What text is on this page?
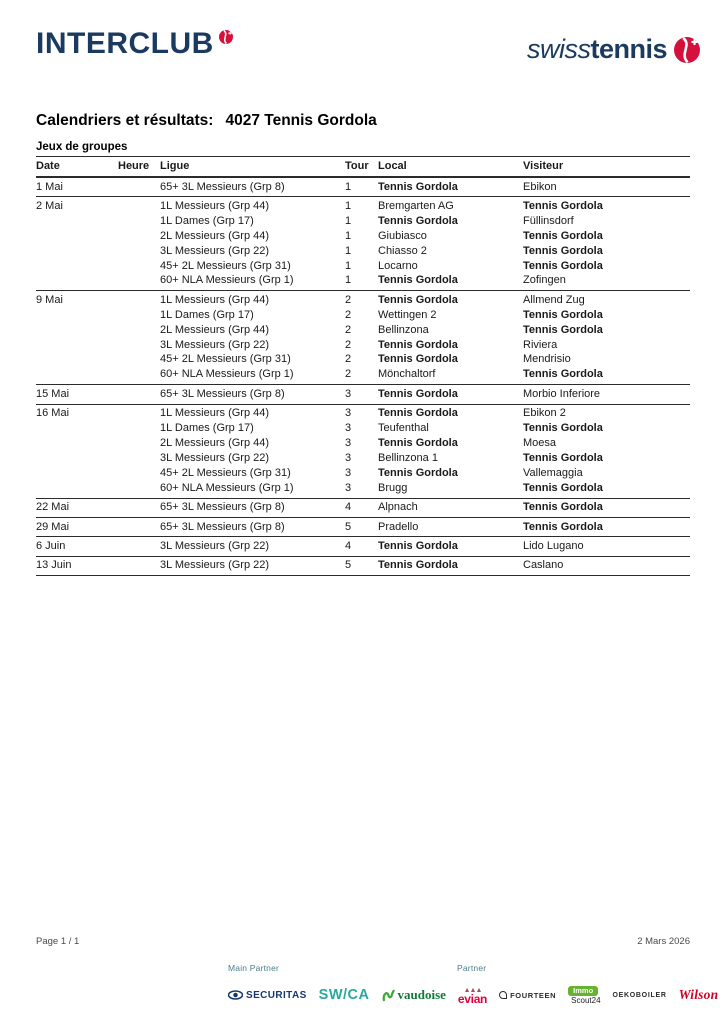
INTERCLUB	swiss tennis
Calendriers et résultats: 4027 Tennis Gordola
Jeux de groupes
Date	Heure Ligue	Tour Local	Visiteur
1 Mai	65+ 3L Messieurs (Grp 8)	1	Tennis Gordola	Ebikon
2 Mai	1L Messieurs (Grp 44)	1	Bremgarten AG	Tennis Gordola
1L Dames (Grp 17)	1	Tennis Gordola	Füllinsdorf
2L Messieurs (Grp 44)	1	Giubiasco	Tennis Gordola
3L Messieurs (Grp 22)	1	Chiasso 2	Tennis Gordola
45+ 2L Messieurs (Grp 31)	1	Locarno	Tennis Gordola
60+ NLA Messieurs (Grp 1)	1	Tennis Gordola	Zofingen
9 Mai	1L Messieurs (Grp 44)	2	Tennis Gordola	Allmend Zug
1L Dames (Grp 17)	2	Wettingen 2	Tennis Gordola
2L Messieurs (Grp 44)	2	Bellinzona	Tennis Gordola
3L Messieurs (Grp 22)	2	Tennis Gordola	Riviera
45+ 2L Messieurs (Grp 31)	2	Tennis Gordola	Mendrisio
60+ NLA Messieurs (Grp 1)	2	Mönchaltorf	Tennis Gordola
15 Mai	65+ 3L Messieurs (Grp 8)	3	Tennis Gordola	Morbio Inferiore
16 Mai	1L Messieurs (Grp 44)	3	Tennis Gordola	Ebikon 2
1L Dames (Grp 17)	3	Teufenthal	Tennis Gordola
2L Messieurs (Grp 44)	3	Tennis Gordola	Moesa
3L Messieurs (Grp 22)	3	Bellinzona 1	Tennis Gordola
45+ 2L Messieurs (Grp 31)	3	Tennis Gordola	Vallemaggia
60+ NLA Messieurs (Grp 1)	3	Brugg	Tennis Gordola
22 Mai	65+ 3L Messieurs (Grp 8)	4	Alpnach	Tennis Gordola
29 Mai	65+ 3L Messieurs (Grp 8)	5	Pradello	Tennis Gordola
6 Juin	3L Messieurs (Grp 22)	4	Tennis Gordola	Lido Lugano
13 Juin	3L Messieurs (Grp 22)	5	Tennis Gordola	Caslano
Page 1 / 1	2 Mars 2026
Main Partner	Partner
SECURITAS SW/CA vaudoise	▲▲▲
evian	FOURTEEN	Immo
Scout24
OEKOBOILER Wilson
